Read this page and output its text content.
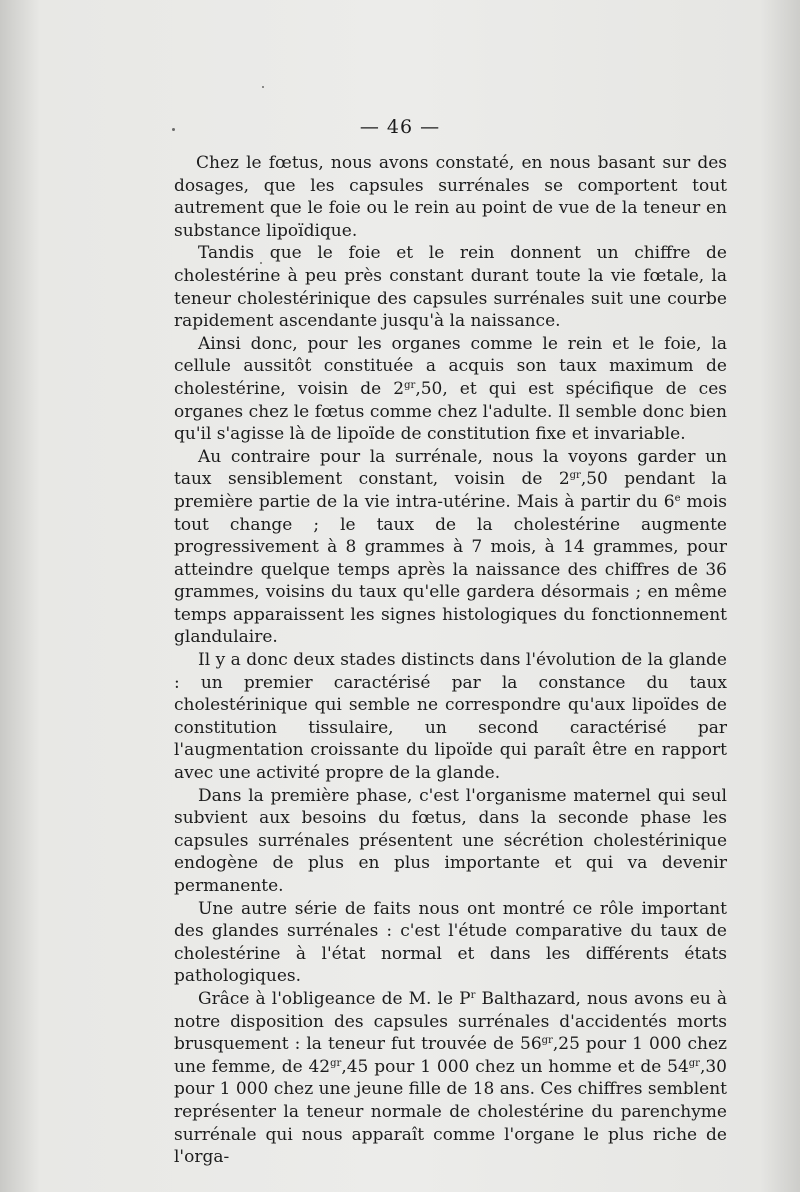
— 46 —

Chez le fœtus, nous avons constaté, en nous basant sur des dosages, que les capsules surrénales se comportent tout autrement que le foie ou le rein au point de vue de la teneur en substance lipoïdique.

Tandis que le foie et le rein donnent un chiffre de cholestérine à peu près constant durant toute la vie fœtale, la teneur cholestérinique des capsules surrénales suit une courbe rapidement ascendante jusqu'à la naissance.

Ainsi donc, pour les organes comme le rein et le foie, la cellule aussitôt constituée a acquis son taux maximum de cholestérine, voisin de $2^{gr},50$, et qui est spécifique de ces organes chez le fœtus comme chez l'adulte. Il semble donc bien qu'il s'agisse là de lipoïde de constitution fixe et invariable.

Au contraire pour la surrénale, nous la voyons garder un taux sensiblement constant, voisin de $2^{gr},50$ pendant la première partie de la vie intra-utérine. Mais à partir du 6e mois tout change ; le taux de la cholestérine augmente progressivement à 8 grammes à 7 mois, à 14 grammes, pour atteindre quelque temps après la naissance des chiffres de 36 grammes, voisins du taux qu'elle gardera désormais ; en même temps apparaissent les signes histologiques du fonctionnement glandulaire.

Il y a donc deux stades distincts dans l'évolution de la glande : un premier caractérisé par la constance du taux cholestérinique qui semble ne correspondre qu'aux lipoïdes de constitution tissulaire, un second caractérisé par l'augmentation croissante du lipoïde qui paraît être en rapport avec une activité propre de la glande.

Dans la première phase, c'est l'organisme maternel qui seul subvient aux besoins du fœtus, dans la seconde phase les capsules surrénales présentent une sécrétion cholestérinique endogène de plus en plus importante et qui va devenir permanente.

Une autre série de faits nous ont montré ce rôle important des glandes surrénales : c'est l'étude comparative du taux de cholestérine à l'état normal et dans les différents états pathologiques.

Grâce à l'obligeance de M. le $P^r$ Balthazard, nous avons eu à notre disposition des capsules surrénales d'accidentés morts brusquement : la teneur fut trouvée de $56^{gr},25$ pour 1 000 chez une femme, de $42^{gr},45$ pour 1 000 chez un homme et de $54^{gr},30$ pour 1 000 chez une jeune fille de 18 ans. Ces chiffres semblent représenter la teneur normale de cholestérine du parenchyme surrénale qui nous apparaît comme l'organe le plus riche de l'orga-
